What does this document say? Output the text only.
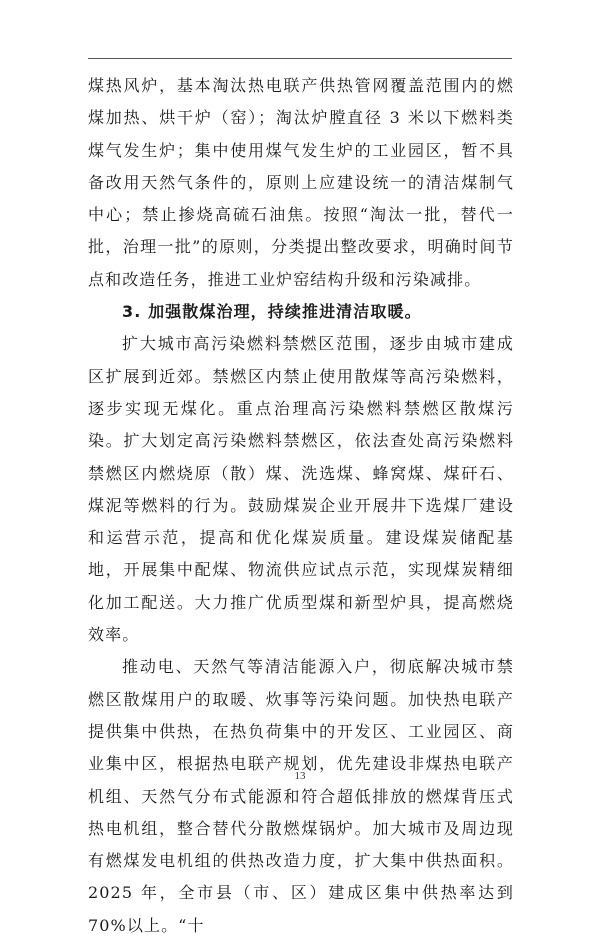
煤热风炉，基本淘汰热电联产供热管网覆盖范围内的燃煤加热、烘干炉（窑）；淘汰炉膛直径 3 米以下燃料类煤气发生炉；集中使用煤气发生炉的工业园区，暂不具备改用天然气条件的，原则上应建设统一的清洁煤制气中心；禁止掺烧高硫石油焦。按照“淘汰一批，替代一批，治理一批”的原则，分类提出整改要求，明确时间节点和改造任务，推进工业炉窑结构升级和污染减排。

3. 加强散煤治理，持续推进清洁取暖。

扩大城市高污染燃料禁燃区范围，逐步由城市建成区扩展到近郊。禁燃区内禁止使用散煤等高污染燃料，逐步实现无煤化。重点治理高污染燃料禁燃区散煤污染。扩大划定高污染燃料禁燃区，依法查处高污染燃料禁燃区内燃烧原（散）煤、洗选煤、蜂窝煤、煤矸石、煤泥等燃料的行为。鼓励煤炭企业开展井下选煤厂建设和运营示范，提高和优化煤炭质量。建设煤炭储配基地，开展集中配煤、物流供应试点示范，实现煤炭精细化加工配送。大力推广优质型煤和新型炉具，提高燃烧效率。

推动电、天然气等清洁能源入户，彻底解决城市禁燃区散煤用户的取暖、炊事等污染问题。加快热电联产提供集中供热，在热负荷集中的开发区、工业园区、商业集中区，根据热电联产规划，优先建设非煤热电联产机组、天然气分布式能源和符合超低排放的燃煤背压式热电机组，整合替代分散燃煤锅炉。加大城市及周边现有燃煤发电机组的供热改造力度，扩大集中供热面积。2025 年，全市县（市、区）建成区集中供热率达到 70%以上。“十

13
